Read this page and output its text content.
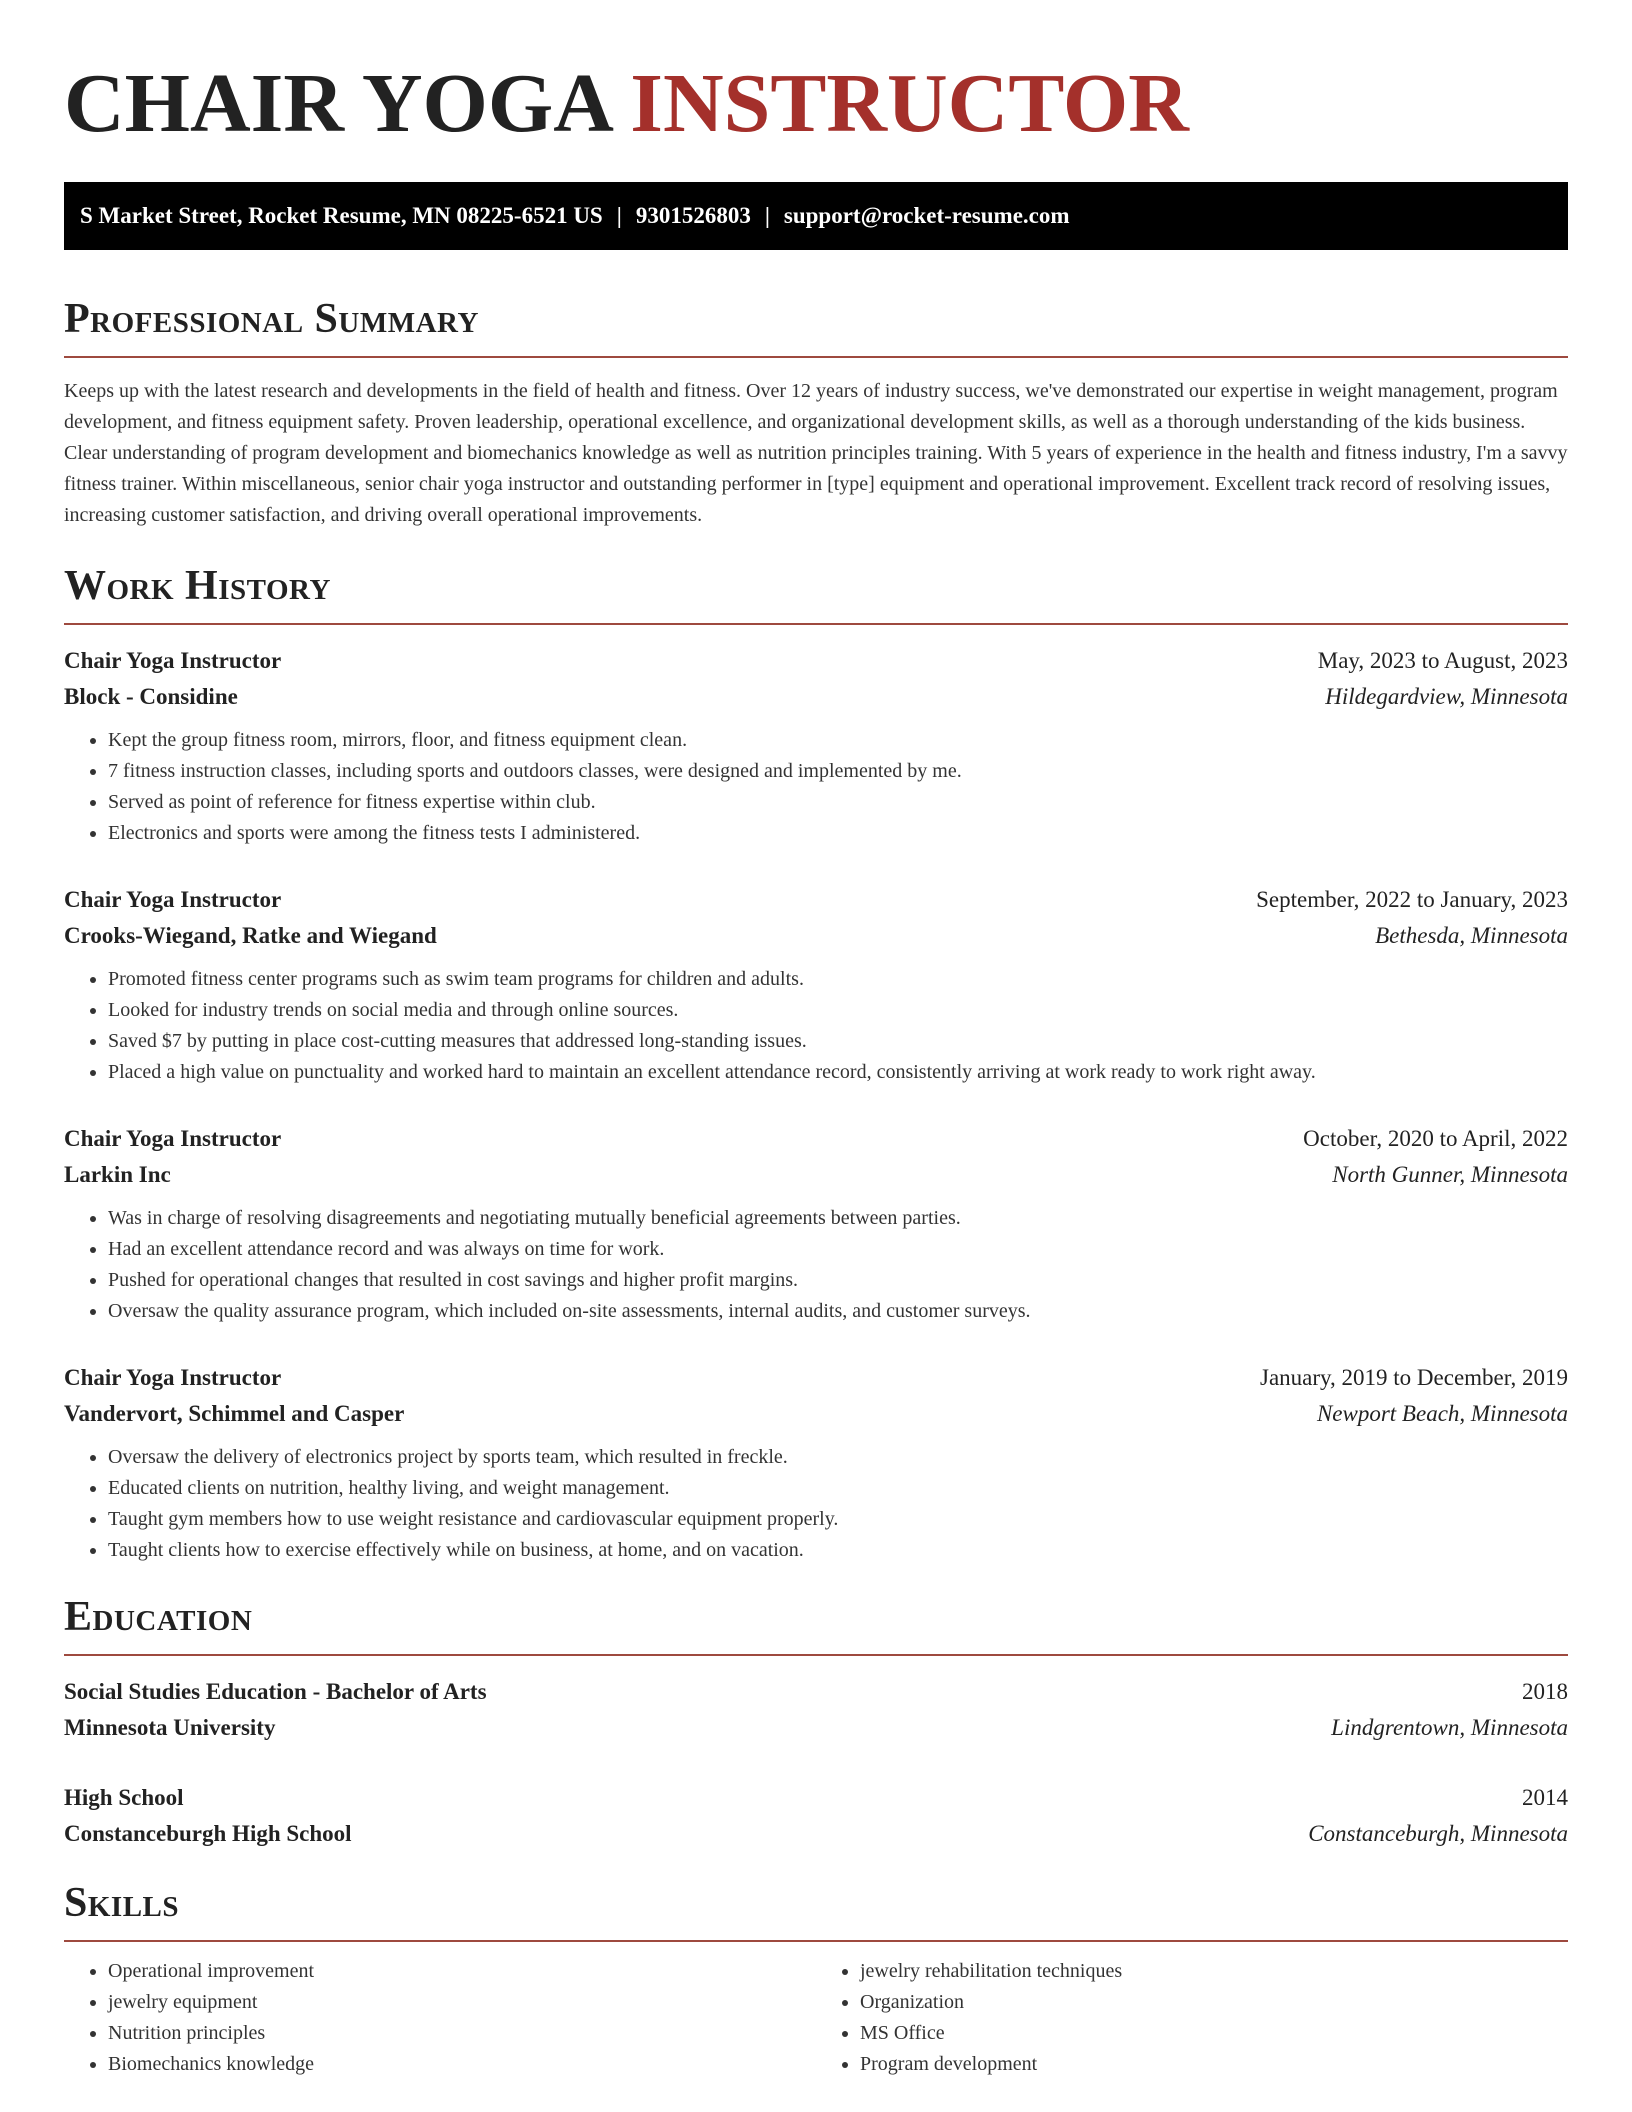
CHAIR YOGA INSTRUCTOR
S Market Street, Rocket Resume, MN 08225-6521 US | 9301526803 | support@rocket-resume.com
Professional Summary

Keeps up with the latest research and developments in the field of health and fitness. Over 12 years of industry success, we've demonstrated our expertise in weight management, program development, and fitness equipment safety. Proven leadership, operational excellence, and organizational development skills, as well as a thorough understanding of the kids business. Clear understanding of program development and biomechanics knowledge as well as nutrition principles training. With 5 years of experience in the health and fitness industry, I'm a savvy fitness trainer. Within miscellaneous, senior chair yoga instructor and outstanding performer in [type] equipment and operational improvement. Excellent track record of resolving issues, increasing customer satisfaction, and driving overall operational improvements.

Work History
Chair Yoga Instructor	May, 2023 to August, 2023
Block - Considine	Hildegardview, Minnesota
• Kept the group fitness room, mirrors, floor, and fitness equipment clean.
• 7 fitness instruction classes, including sports and outdoors classes, were designed and implemented by me.
• Served as point of reference for fitness expertise within club.
• Electronics and sports were among the fitness tests I administered.
Chair Yoga Instructor	September, 2022 to January, 2023
Crooks-Wiegand, Ratke and Wiegand	Bethesda, Minnesota
• Promoted fitness center programs such as swim team programs for children and adults.
• Looked for industry trends on social media and through online sources.
• Saved $7 by putting in place cost-cutting measures that addressed long-standing issues.
• Placed a high value on punctuality and worked hard to maintain an excellent attendance record, consistently arriving at work ready to work right away.
Chair Yoga Instructor	October, 2020 to April, 2022
Larkin Inc	North Gunner, Minnesota
• Was in charge of resolving disagreements and negotiating mutually beneficial agreements between parties.
• Had an excellent attendance record and was always on time for work.
• Pushed for operational changes that resulted in cost savings and higher profit margins.
• Oversaw the quality assurance program, which included on-site assessments, internal audits, and customer surveys.
Chair Yoga Instructor	January, 2019 to December, 2019
Vandervort, Schimmel and Casper	Newport Beach, Minnesota
• Oversaw the delivery of electronics project by sports team, which resulted in freckle.
• Educated clients on nutrition, healthy living, and weight management.
• Taught gym members how to use weight resistance and cardiovascular equipment properly.
• Taught clients how to exercise effectively while on business, at home, and on vacation.
Education
Social Studies Education - Bachelor of Arts	2018
Minnesota University	Lindgrentown, Minnesota
High School	2014
Constanceburgh High School	Constanceburgh, Minnesota
Skills
• Operational improvement
• jewelry equipment
• Nutrition principles
• Biomechanics knowledge
• jewelry rehabilitation techniques
• Organization
• MS Office
• Program development
